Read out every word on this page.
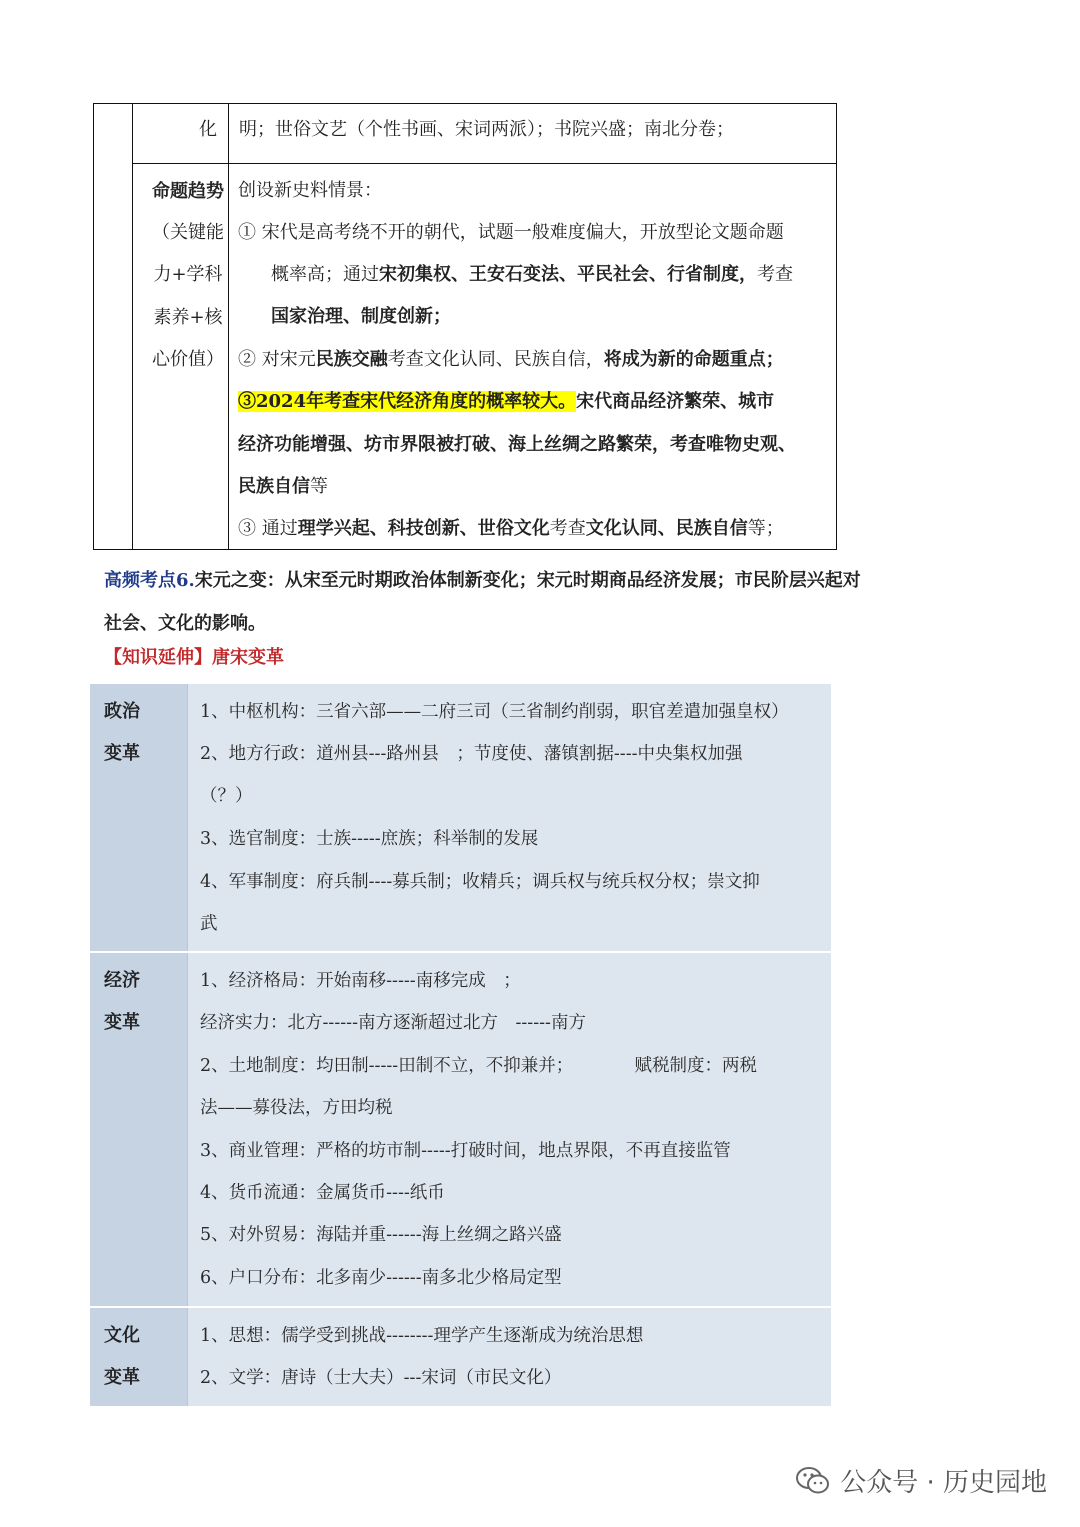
化 明；世俗文艺（个性书画、宋词两派）；书院兴盛；南北分卷；
命题趋势
（关键能
力+学科
素养+核
心价值）
创设新史料情景：
① 宋代是高考绕不开的朝代，试题一般难度偏大，开放型论文题命题
概率高；通过宋初集权、王安石变法、平民社会、行省制度，考查
国家治理、制度创新；
② 对宋元民族交融考查文化认同、民族自信，将成为新的命题重点；
③2024年考查宋代经济角度的概率较大。宋代商品经济繁荣、城市
经济功能增强、坊市界限被打破、海上丝绸之路繁荣，考查唯物史观、
民族自信等
③ 通过理学兴起、科技创新、世俗文化考查文化认同、民族自信等；
高频考点6.宋元之变：从宋至元时期政治体制新变化；宋元时期商品经济发展；市民阶层兴起对
社会、文化的影响。
【知识延伸】唐宋变革
政治
变革
1、中枢机构：三省六部——二府三司（三省制约削弱，职官差遣加强皇权）
2、地方行政：道州县---路州县　；节度使、藩镇割据----中央集权加强
（？）
3、选官制度：士族-----庶族；科举制的发展
4、军事制度：府兵制----募兵制；收精兵；调兵权与统兵权分权；崇文抑
武
经济
变革
1、经济格局：开始南移-----南移完成　；
经济实力：北方------南方逐渐超过北方　------南方
2、土地制度：均田制-----田制不立，不抑兼并；　　　　赋税制度：两税
法——募役法，方田均税
3、商业管理：严格的坊市制-----打破时间，地点界限，不再直接监管
4、货币流通：金属货币----纸币
5、对外贸易：海陆并重------海上丝绸之路兴盛
6、户口分布：北多南少------南多北少格局定型
文化
变革
1、思想：儒学受到挑战--------理学产生逐渐成为统治思想
2、文学：唐诗（士大夫）---宋词（市民文化）
公众号 · 历史园地
